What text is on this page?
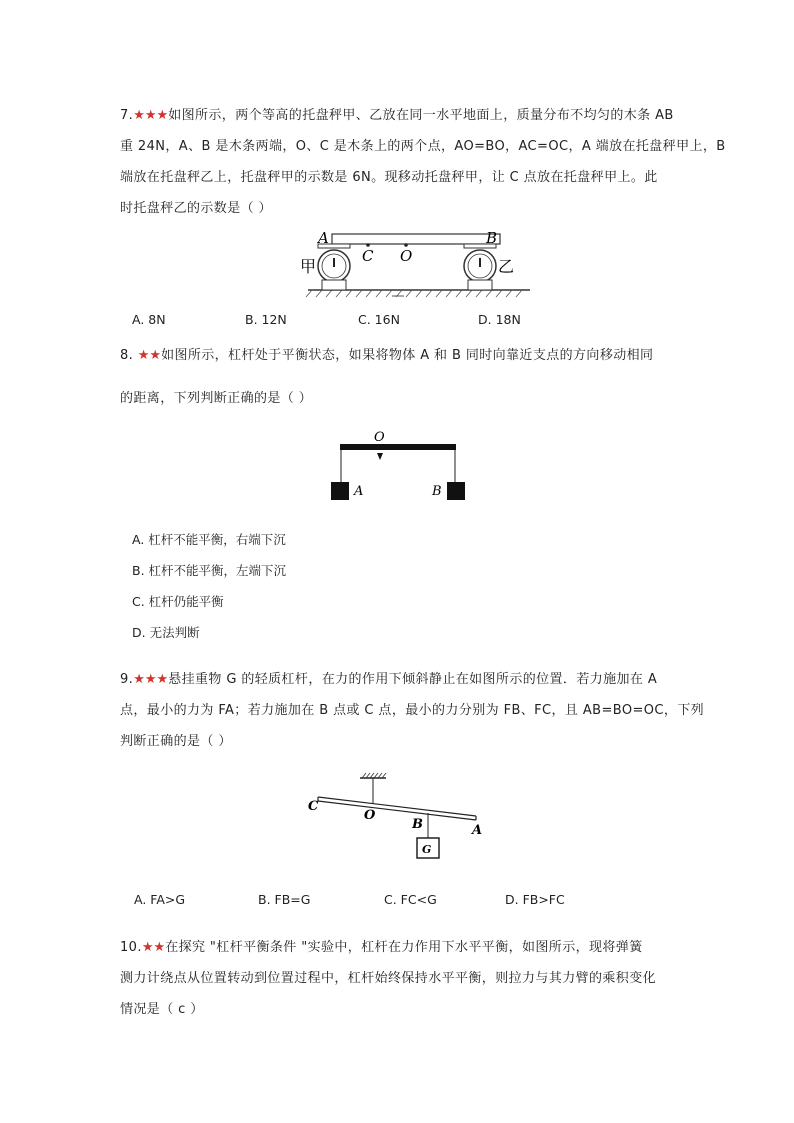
7.★★★如图所示，两个等高的托盘秤甲、乙放在同一水平地面上，质量分布不均匀的木条 AB
重 24N，A、B 是木条两端，O、C 是木条上的两个点，AO=BO，AC=OC，A 端放在托盘秤甲上，B
端放在托盘秤乙上，托盘秤甲的示数是 6N。现移动托盘秤甲，让 C 点放在托盘秤甲上。此
时托盘秤乙的示数是（ ）
A	B
C O
甲	乙
A. 8N	B. 12N	C. 16N	D. 18N
8. ★★如图所示，杠杆处于平衡状态，如果将物体 A 和 B 同时向靠近支点的方向移动相同
的距离，下列判断正确的是（ ）
O
A	B
A. 杠杆不能平衡，右端下沉
B. 杠杆不能平衡，左端下沉
C. 杠杆仍能平衡
D. 无法判断
9.★★★悬挂重物 G 的轻质杠杆，在力的作用下倾斜静止在如图所示的位置．若力施加在 A
点，最小的力为 FA；若力施加在 B 点或 C 点，最小的力分别为 FB、FC，且 AB=BO=OC，下列
判断正确的是（ ）
G
C
O
B	A
A. FA>G	B. FB=G	C. FC<G	D. FB>FC
10.★★在探究 "杠杆平衡条件 "实验中，杠杆在力作用下水平平衡，如图所示，现将弹簧
测力计绕点从位置转动到位置过程中，杠杆始终保持水平平衡，则拉力与其力臂的乘积变化
情况是（ c ）
